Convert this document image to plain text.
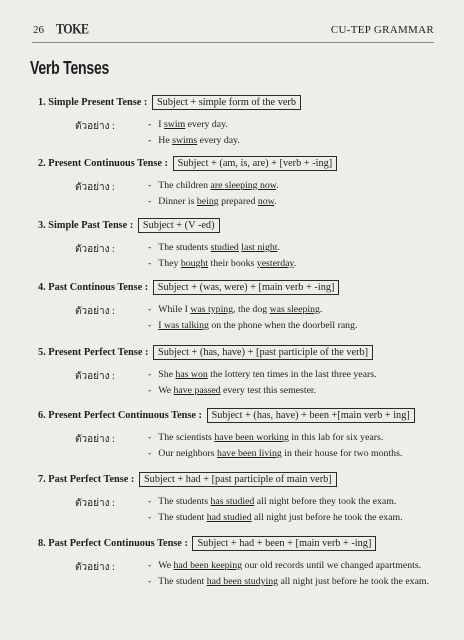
26 TOKE	CU-TEP GRAMMAR
Verb Tenses
1. Simple Present Tense : Subject + simple form of the verb
ตัวอย่าง :	- I swim every day.
- He swims every day.
2. Present Continuous Tense : Subject + (am, is, are) + [verb + -ing]
ตัวอย่าง :	- The children are sleeping now.
- Dinner is being prepared now.
3. Simple Past Tense : Subject + (V -ed)
ตัวอย่าง :	- The students studied last night.
- They bought their books yesterday.
4. Past Continous Tense : Subject + (was, were) + [main verb + -ing]
ตัวอย่าง :	- While I was typing, the dog was sleeping.
- I was talking on the phone when the doorbell rang.
5. Present Perfect Tense : Subject + (has, have) + [past participle of the verb]
ตัวอย่าง :	- She has won the lottery ten times in the last three years.
- We have passed every test this semester.
6. Present Perfect Continuous Tense : Subject + (has, have) + been +[main verb + ing]
ตัวอย่าง :	- The scientists have been working in this lab for six years.
- Our neighbors have been living in their house for two months.
7. Past Perfect Tense : Subject + had + [past participle of main verb]
ตัวอย่าง :	- The students has studied all night before they took the exam.
- The student had studied all night just before he took the exam.
8. Past Perfect Continuous Tense : Subject + had + been + [main verb + -ing]
ตัวอย่าง :	- We had been keeping our old records until we changed apartments.
- The student had been studying all night just before he took the exam.
